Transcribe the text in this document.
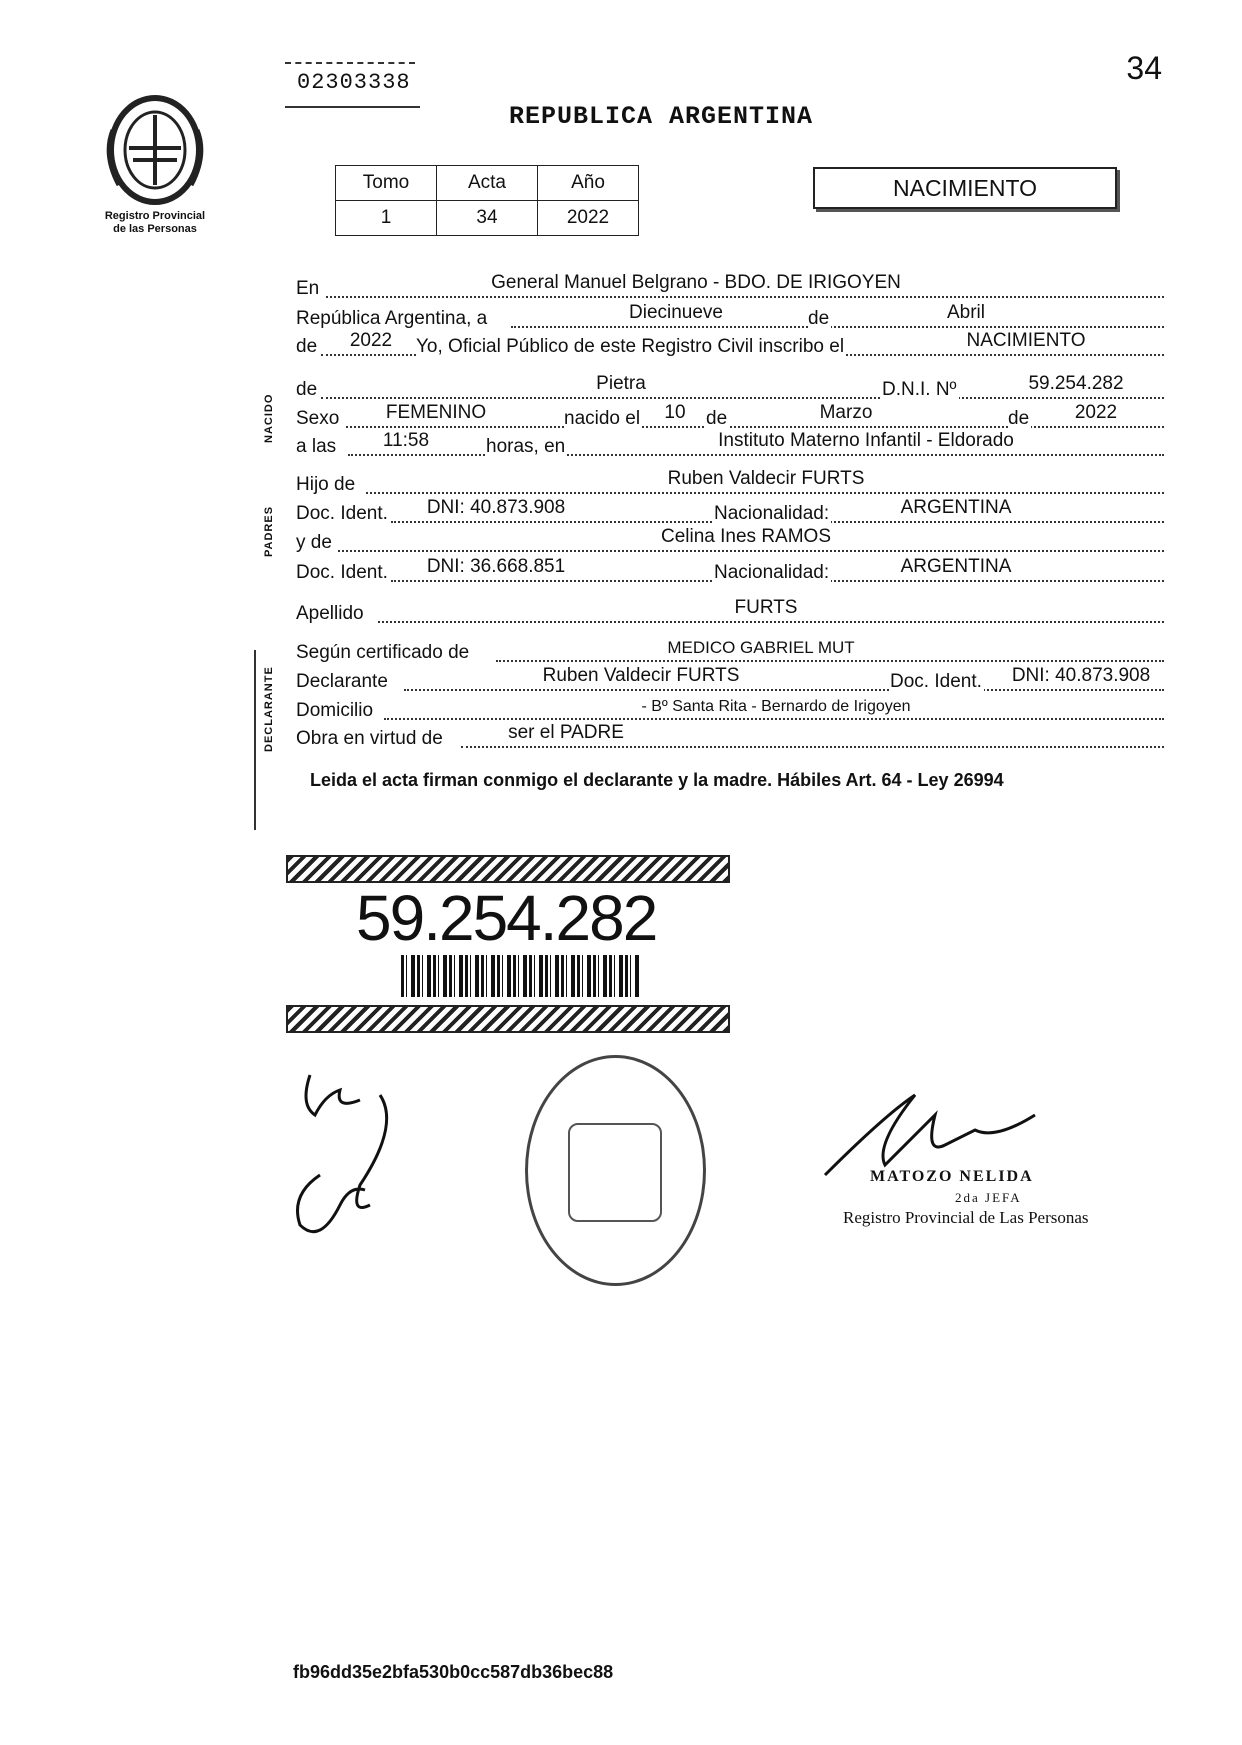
34
02303338
REPUBLICA ARGENTINA
Registro Provincial
de las Personas
Tomo	Acta	Año
1	34	2022
NACIMIENTO
En	General Manuel Belgrano - BDO. DE IRIGOYEN
República Argentina, a	Diecinueve	de	Abril
de	2022	Yo, Oficial Público de este Registro Civil inscribo el	NACIMIENTO
de	Pietra	D.N.I. Nº	59.254.282
Sexo	FEMENINO	nacido el 10 de	Marzo	de	2022
a las	11:58	horas, en	Instituto Materno Infantil - Eldorado
Hijo de	Ruben Valdecir FURTS
Doc. Ident.	DNI: 40.873.908	Nacionalidad:	ARGENTINA
y de	Celina Ines RAMOS
Doc. Ident.	DNI: 36.668.851	Nacionalidad:	ARGENTINA
Apellido	FURTS
Según certificado de	MEDICO GABRIEL MUT
Declarante	Ruben Valdecir FURTS	Doc. Ident.	DNI: 40.873.908
Domicilio	- Bº Santa Rita - Bernardo de Irigoyen
Obra en virtud de	ser el PADRE
NACIDO
PADRES
DECLARANTE
Leida el acta firman conmigo el declarante y la madre. Hábiles Art. 64 - Ley 26994
59.254.282
MATOZO NELIDA
2da JEFA
Registro Provincial de Las Personas
fb96dd35e2bfa530b0cc587db36bec88
